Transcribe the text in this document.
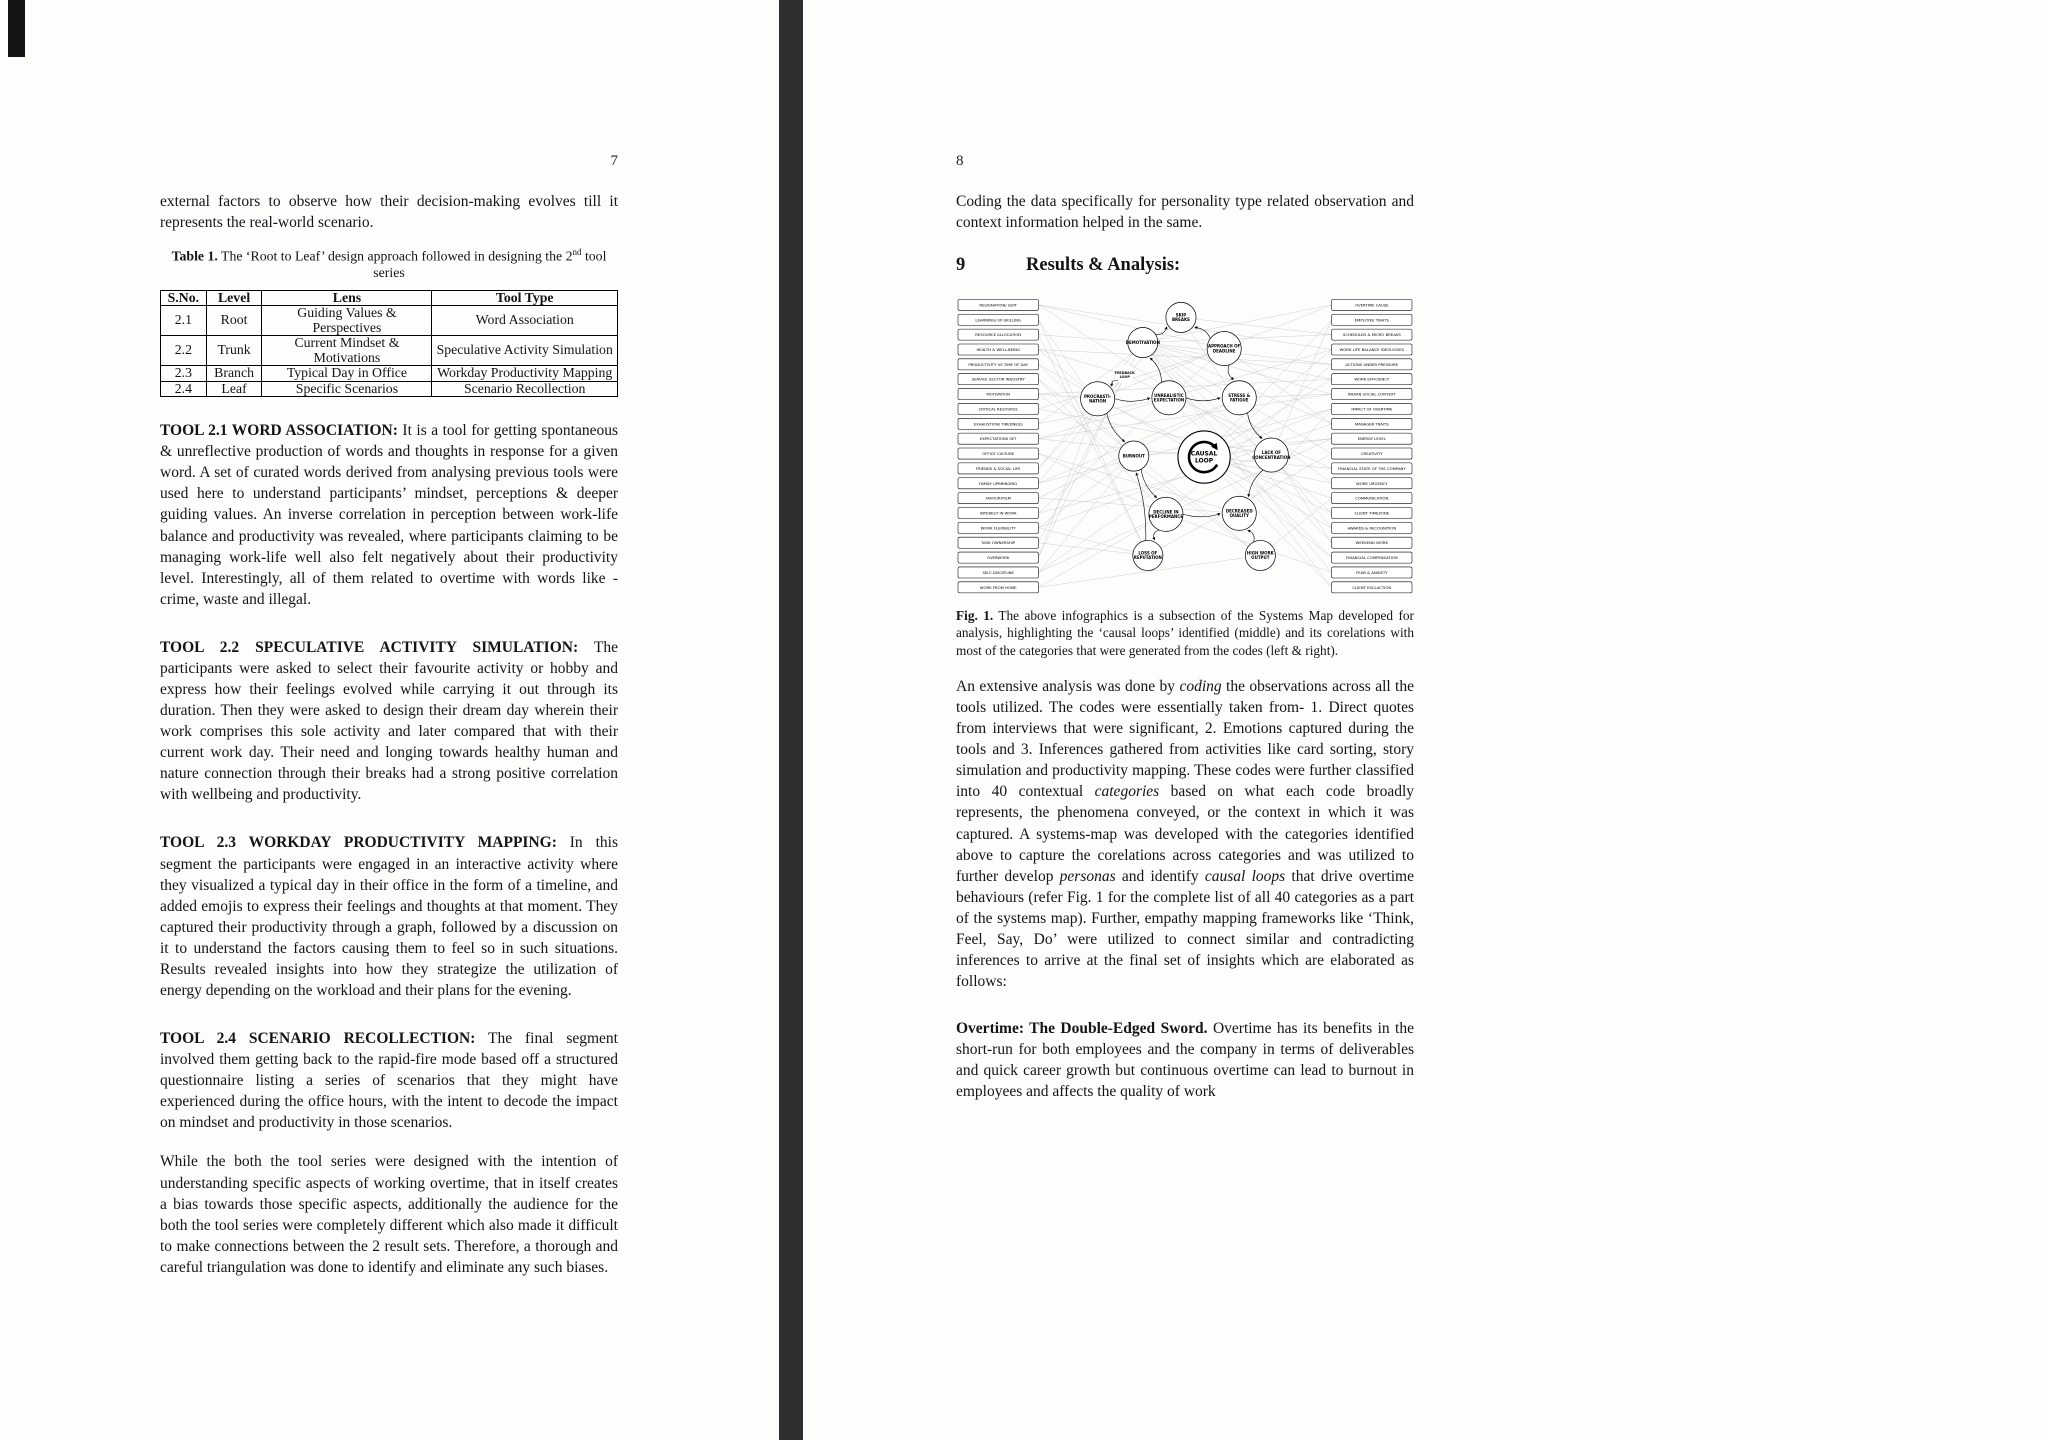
7

external factors to observe how their decision-making evolves till it represents the real-world scenario.

Table 1. The ‘Root to Leaf’ design approach followed in designing the 2nd tool series

S.No.	Level	Lens	Tool Type
2.1	Root	Guiding Values & Perspectives	Word Association
2.2	Trunk	Current Mindset & Motivations	Speculative Activity Simulation
2.3	Branch	Typical Day in Office	Workday Productivity Mapping
2.4	Leaf	Specific Scenarios	Scenario Recollection

TOOL 2.1 WORD ASSOCIATION: It is a tool for getting spontaneous & unreflective production of words and thoughts in response for a given word. A set of curated words derived from analysing previous tools were used here to understand participants’ mindset, perceptions & deeper guiding values. An inverse correlation in perception between work-life balance and productivity was revealed, where participants claiming to be managing work-life well also felt negatively about their productivity level. Interestingly, all of them related to overtime with words like - crime, waste and illegal.

TOOL 2.2 SPECULATIVE ACTIVITY SIMULATION: The participants were asked to select their favourite activity or hobby and express how their feelings evolved while carrying it out through its duration. Then they were asked to design their dream day wherein their work comprises this sole activity and later compared that with their current work day. Their need and longing towards healthy human and nature connection through their breaks had a strong positive correlation with wellbeing and productivity.

TOOL 2.3 WORKDAY PRODUCTIVITY MAPPING: In this segment the participants were engaged in an interactive activity where they visualized a typical day in their office in the form of a timeline, and added emojis to express their feelings and thoughts at that moment. They captured their productivity through a graph, followed by a discussion on it to understand the factors causing them to feel so in such situations. Results revealed insights into how they strategize the utilization of energy depending on the workload and their plans for the evening.

TOOL 2.4 SCENARIO RECOLLECTION: The final segment involved them getting back to the rapid-fire mode based off a structured questionnaire listing a series of scenarios that they might have experienced during the office hours, with the intent to decode the impact on mindset and productivity in those scenarios.

While the both the tool series were designed with the intention of understanding specific aspects of working overtime, that in itself creates a bias towards those specific aspects, additionally the audience for the both the tool series were completely different which also made it difficult to make connections between the 2 result sets. Therefore, a thorough and careful triangulation was done to identify and eliminate any such biases.

8

Coding the data specifically for personality type related observation and context information helped in the same.

9	Results & Analysis:
RESIGNATION/ QUIT
LEARNING/ UP-SKILLING
RESOURCE ALLOCATION
HEALTH & WELL-BEING
PRODUCTIVITY VS TIME OF DAY
SERVICE SECTOR INDUSTRY
MOTIVATION
CRITICAL RESOURCE
EXHAUSTION/ TIREDNESS
EXPECTATIONS SET
OFFICE CULTURE
FRIENDS & SOCIAL LIFE
FAMILY UPBRINGING
FAVOURITISM
INTEREST IN WORK
WORK FLEXIBILITY
TASK OWNERSHIP
OVERWORK
SELF-DISCIPLINE
WORK FROM HOME
OVERTIME CAUSE
EMPLOYEE TRAITS
SCHEDULED & MICRO BREAKS
WORK LIFE BALANCE IDEOLOGIES
ACTIONS UNDER PRESSURE
WORK EFFICIENCY
INDIAN SOCIAL CONTEXT
IMPACT OF OVERTIME
MANAGER TRAITS
ENERGY LEVEL
CREATIVITY
FINANCIAL STATE OF THE COMPANY
WORK URGENCY
COMMUNICATION
CLIENT TIMEZONE
AWARDS & RECOGNITION
WEEKEND WORK
FINANCIAL COMPENSATION
FEAR & ANXIETY
CLIENT ESCLACTION
SKIP BREAKS
DEMOTIVATION
APPROACH OF DEADLINE
FEEDBACK LOOP
PROCRASTI-NATION
UNREALISTIC EXPECTATION
STRESS & FATIGUE
BURNOUT	CAUSAL LOOP
LACK OF CONCENTRATION
DECLINE IN PERFORMANCE
DECREASED QUALITY
LOSS OF REPUTATION
HIGH WORK OUTPUT

Fig. 1. The above infographics is a subsection of the Systems Map developed for analysis, highlighting the ‘causal loops’ identified (middle) and its corelations with most of the categories that were generated from the codes (left & right).

An extensive analysis was done by coding the observations across all the tools utilized. The codes were essentially taken from- 1. Direct quotes from interviews that were significant, 2. Emotions captured during the tools and 3. Inferences gathered from activities like card sorting, story simulation and productivity mapping. These codes were further classified into 40 contextual categories based on what each code broadly represents, the phenomena conveyed, or the context in which it was captured. A systems-map was developed with the categories identified above to capture the corelations across categories and was utilized to further develop personas and identify causal loops that drive overtime behaviours (refer Fig. 1 for the complete list of all 40 categories as a part of the systems map). Further, empathy mapping frameworks like ‘Think, Feel, Say, Do’ were utilized to connect similar and contradicting inferences to arrive at the final set of insights which are elaborated as follows:

Overtime: The Double-Edged Sword. Overtime has its benefits in the short-run for both employees and the company in terms of deliverables and quick career growth but continuous overtime can lead to burnout in employees and affects the quality of work
